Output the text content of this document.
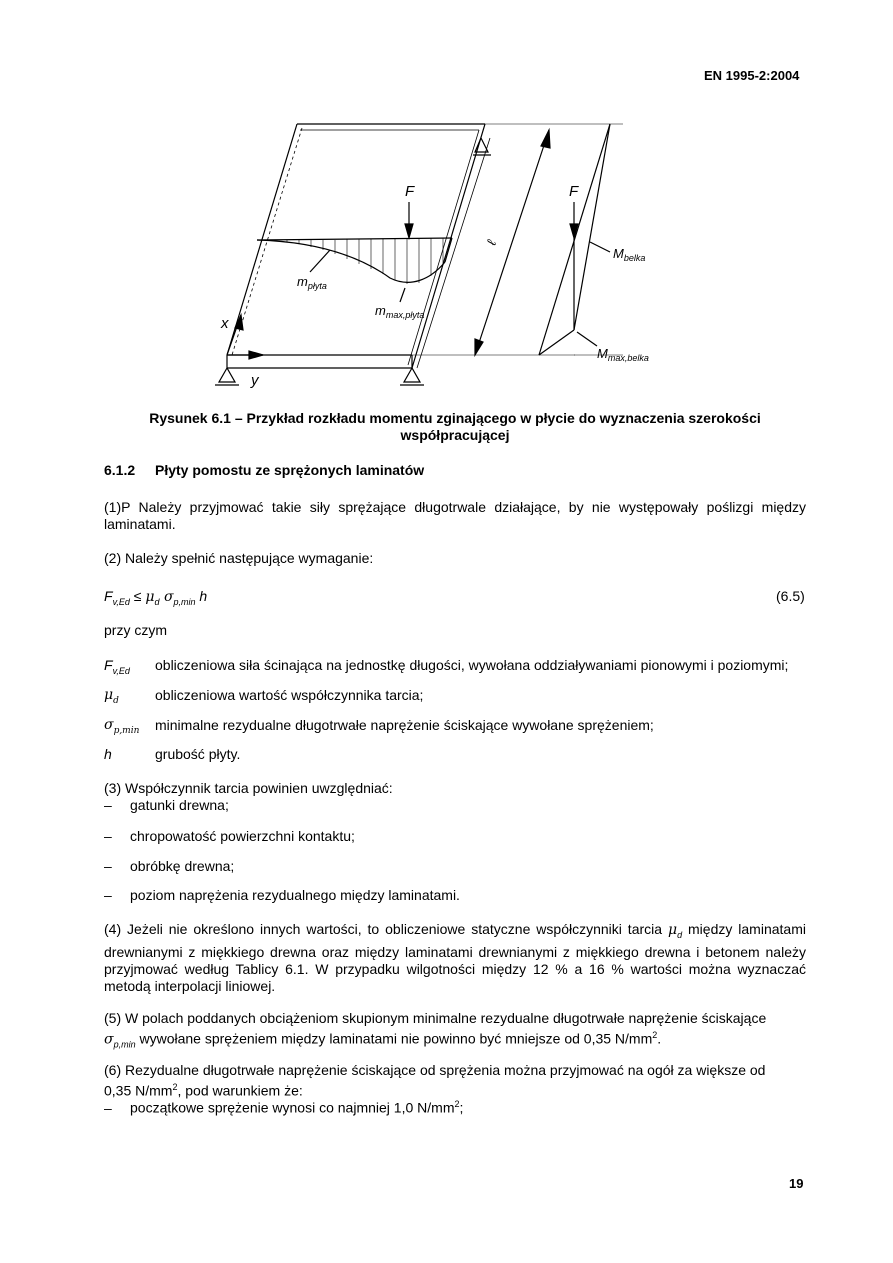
EN 1995-2:2004
F	F
x
y
ℓ
$m_{płyta}$
$m_{max,płyta}$
$M_{belka}$
$M_{max,belka}$
Rysunek 6.1 – Przykład rozkładu momentu zginającego w płycie do wyznaczenia szerokości
współpracującej
6.1.2 Płyty pomostu ze sprężonych laminatów
(1)P Należy przyjmować takie siły sprężające długotrwale działające, by nie występowały poślizgi między laminatami.
(2) Należy spełnić następujące wymaganie:
$F_{v,Ed} \le \mu_d$ $\sigma_{p,min}$ h	(6.5)
przy czym
$F_{v,Ed}$ obliczeniowa siła ścinająca na jednostkę długości, wywołana oddziaływaniami pionowymi i poziomymi;
$\mu_d$	obliczeniowa wartość współczynnika tarcia;
$\sigma_{p,min}$ minimalne rezydualne długotrwałe naprężenie ściskające wywołane sprężeniem;
h	grubość płyty.
(3) Współczynnik tarcia powinien uwzględniać:
– gatunki drewna;
– chropowatość powierzchni kontaktu;
– obróbkę drewna;
– poziom naprężenia rezydualnego między laminatami.
(4) Jeżeli nie określono innych wartości, to obliczeniowe statyczne współczynniki tarcia $\mu_d$ między laminatami drewnianymi z miękkiego drewna oraz między laminatami drewnianymi z miękkiego drewna i betonem należy przyjmować według Tablicy 6.1. W przypadku wilgotności między 12 % a 16 % wartości można wyznaczać metodą interpolacji liniowej.
(5) W polach poddanych obciążeniom skupionym minimalne rezydualne długotrwałe naprężenie ściskające
$\sigma_{p,min}$ wywołane sprężeniem między laminatami nie powinno być mniejsze od 0,35 $N/mm^2$.
(6) Rezydualne długotrwałe naprężenie ściskające od sprężenia można przyjmować na ogół za większe od
0,35 $N/mm^2$, pod warunkiem że:
– początkowe sprężenie wynosi co najmniej 1,0 $N/mm^2$;
19
